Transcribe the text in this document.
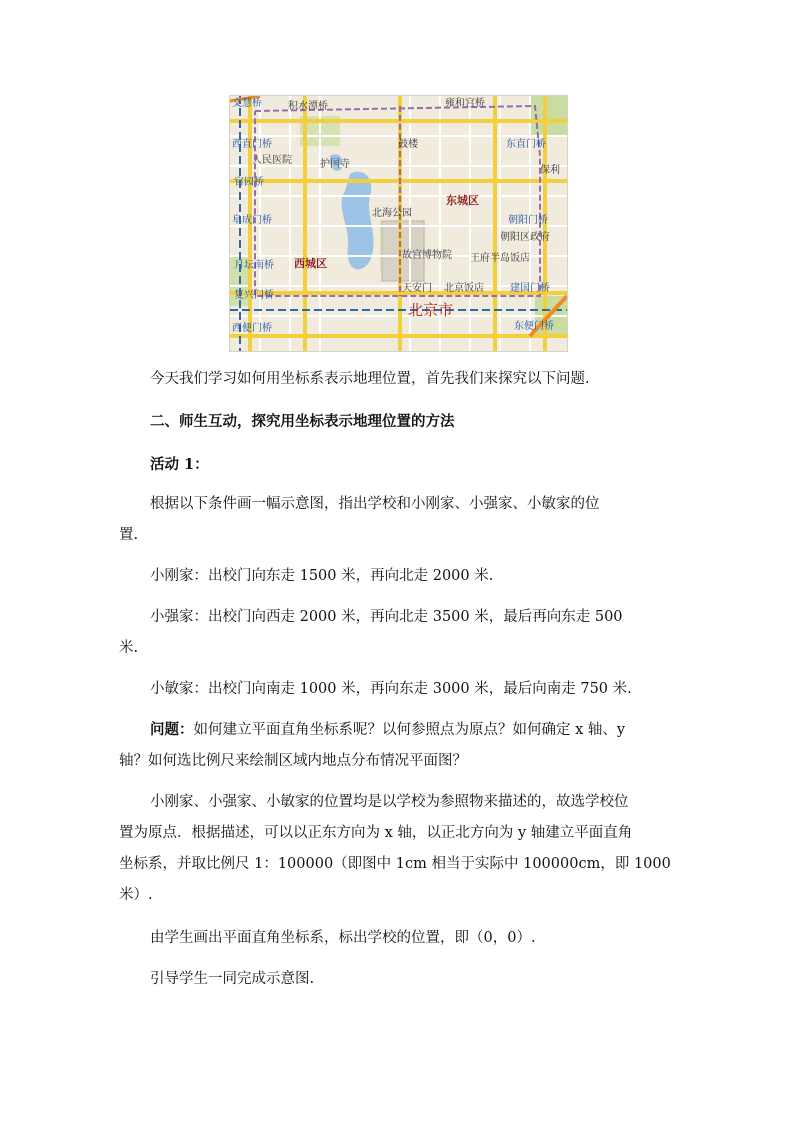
文慧桥	积水潭桥	雍和宫桥
西直门桥	东直门桥
人民医院	护国寺
鼓楼
保利
官园桥
阜成门桥
北海公园
东城区
朝阳门桥
朝阳区政府
故宫博物院 王府半岛饭店
月坛南桥 西城区
复兴门桥
天安门 北京饭店	建国门桥
北京市
西便门桥	东便门桥

今天我们学习如何用坐标系表示地理位置，首先我们来探究以下问题.

二、师生互动，探究用坐标表示地理位置的方法

活动 1：

根据以下条件画一幅示意图，指出学校和小刚家、小强家、小敏家的位

置.

小刚家：出校门向东走 1500 米，再向北走 2000 米.

小强家：出校门向西走 2000 米，再向北走 3500 米，最后再向东走 500

米.

小敏家：出校门向南走 1000 米，再向东走 3000 米，最后向南走 750 米.

问题：如何建立平面直角坐标系呢？以何参照点为原点？如何确定 x 轴、y

轴？如何选比例尺来绘制区域内地点分布情况平面图？

小刚家、小强家、小敏家的位置均是以学校为参照物来描述的，故选学校位

置为原点．根据描述，可以以正东方向为 x 轴，以正北方向为 y 轴建立平面直角

坐标系，并取比例尺 1：100000（即图中 1cm 相当于实际中 100000cm，即 1000

米）.

由学生画出平面直角坐标系，标出学校的位置，即（0，0）.

引导学生一同完成示意图.
